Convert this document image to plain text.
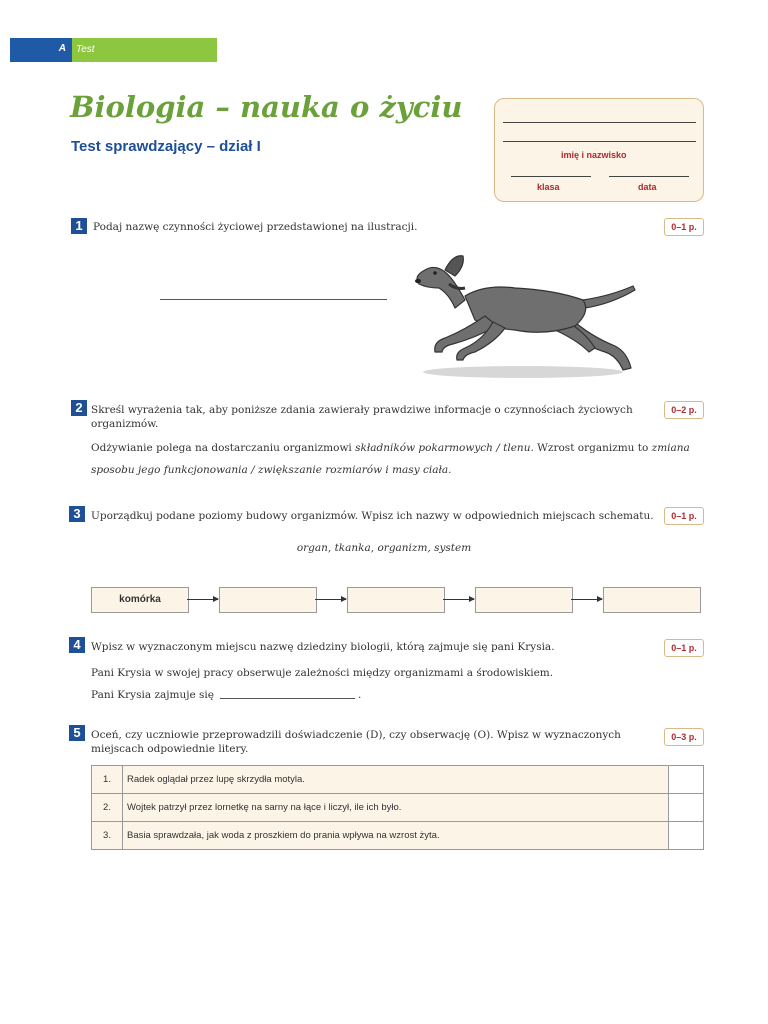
A Test
Biologia – nauka o życiu
Test sprawdzający – dział I	imię i nazwisko
klasa	data
1 Podaj nazwę czynności życiowej przedstawionej na ilustracji.	0–1 p.
2 Skreśl wyrażenia tak, aby poniższe zdania zawierały prawdziwe informacje o czynnościach życiowych
organizmów.
0–2 p.
Odżywianie polega na dostarczaniu organizmowi składników pokarmowych / tlenu. Wzrost organizmu to zmiana
sposobu jego funkcjonowania / zwiększanie rozmiarów i masy ciała.
3 Uporządkuj podane poziomy budowy organizmów. Wpisz ich nazwy w odpowiednich miejscach schematu.	0–1 p.
organ, tkanka, organizm, system
komórka
4 Wpisz w wyznaczonym miejscu nazwę dziedziny biologii, którą zajmuje się pani Krysia.	0–1 p.
Pani Krysia w swojej pracy obserwuje zależności między organizmami a środowiskiem.
Pani Krysia zajmuje się	.
5 Oceń, czy uczniowie przeprowadzili doświadczenie (D), czy obserwację (O). Wpisz w wyznaczonych
miejscach odpowiednie litery.
0–3 p.
1.	Radek oglądał przez lupę skrzydła motyla.	
2.	Wojtek patrzył przez lornetkę na sarny na łące i liczył, ile ich było.	
3.	Basia sprawdzała, jak woda z proszkiem do prania wpływa na wzrost żyta.	
